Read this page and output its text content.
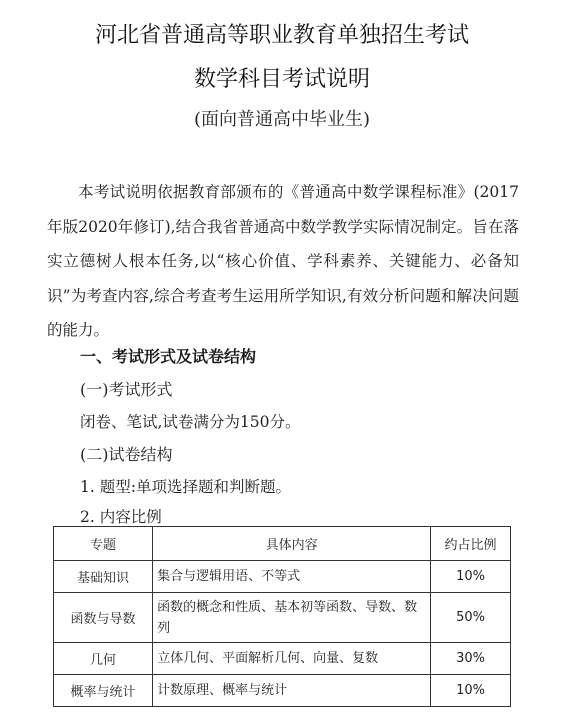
河北省普通高等职业教育单独招生考试
数学科目考试说明
(面向普通高中毕业生)
本考试说明依据教育部颁布的《普通高中数学课程标准》(2017年版2020年修订),结合我省普通高中数学教学实际情况制定。旨在落实立德树人根本任务,以“核心价值、学科素养、关键能力、必备知识”为考查内容,综合考查考生运用所学知识,有效分析问题和解决问题的能力。
一、考试形式及试卷结构
(一)考试形式
闭卷、笔试,试卷满分为150分。
(二)试卷结构
1. 题型:单项选择题和判断题。
2. 内容比例
专题	具体内容	约占比例
基础知识	集合与逻辑用语、不等式	10%
函数与导数	函数的概念和性质、基本初等函数、导数、数列	50%
几何	立体几何、平面解析几何、向量、复数	30%
概率与统计	计数原理、概率与统计	10%
